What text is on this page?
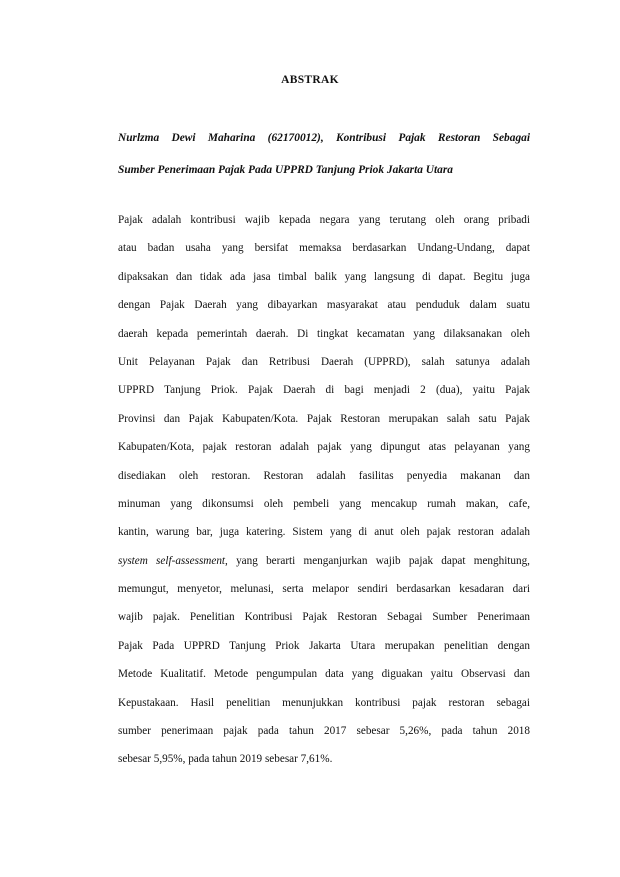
ABSTRAK
Nurlzma Dewi Maharina (62170012), Kontribusi Pajak Restoran Sebagai
Sumber Penerimaan Pajak Pada UPPRD Tanjung Priok Jakarta Utara
Pajak adalah kontribusi wajib kepada negara yang terutang oleh orang pribadi
atau badan usaha yang bersifat memaksa berdasarkan Undang-Undang, dapat
dipaksakan dan tidak ada jasa timbal balik yang langsung di dapat. Begitu juga
dengan Pajak Daerah yang dibayarkan masyarakat atau penduduk dalam suatu
daerah kepada pemerintah daerah. Di tingkat kecamatan yang dilaksanakan oleh
Unit Pelayanan Pajak dan Retribusi Daerah (UPPRD), salah satunya adalah
UPPRD Tanjung Priok. Pajak Daerah di bagi menjadi 2 (dua), yaitu Pajak
Provinsi dan Pajak Kabupaten/Kota. Pajak Restoran merupakan salah satu Pajak
Kabupaten/Kota, pajak restoran adalah pajak yang dipungut atas pelayanan yang
disediakan oleh restoran. Restoran adalah fasilitas penyedia makanan dan
minuman yang dikonsumsi oleh pembeli yang mencakup rumah makan, cafe,
kantin, warung bar, juga katering. Sistem yang di anut oleh pajak restoran adalah
system self-assessment, yang berarti menganjurkan wajib pajak dapat menghitung,
memungut, menyetor, melunasi, serta melapor sendiri berdasarkan kesadaran dari
wajib pajak. Penelitian Kontribusi Pajak Restoran Sebagai Sumber Penerimaan
Pajak Pada UPPRD Tanjung Priok Jakarta Utara merupakan penelitian dengan
Metode Kualitatif. Metode pengumpulan data yang diguakan yaitu Observasi dan
Kepustakaan. Hasil penelitian menunjukkan kontribusi pajak restoran sebagai
sumber penerimaan pajak pada tahun 2017 sebesar 5,26%, pada tahun 2018
sebesar 5,95%, pada tahun 2019 sebesar 7,61%.
